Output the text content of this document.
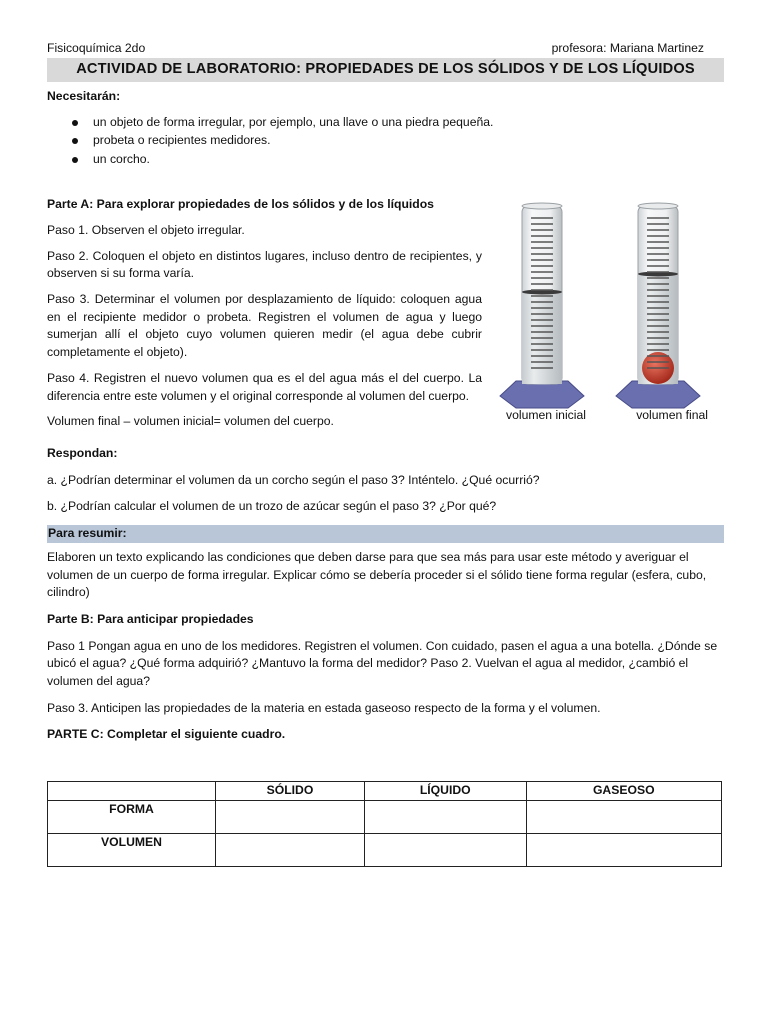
Fisicoquímica 2do	profesora: Mariana Martinez
ACTIVIDAD DE LABORATORIO: PROPIEDADES DE LOS SÓLIDOS Y DE LOS LÍQUIDOS

Necesitarán:

un objeto de forma irregular, por ejemplo, una llave o una piedra pequeña.
probeta o recipientes medidores.
un corcho.

Parte A: Para explorar propiedades de los sólidos y de los líquidos

Paso 1. Observen el objeto irregular.

Paso 2. Coloquen el objeto en distintos lugares, incluso dentro de recipientes, y observen si su forma varía.

Paso 3. Determinar el volumen por desplazamiento de líquido: coloquen agua en el recipiente medidor o probeta. Registren el volumen de agua y luego sumerjan allí el objeto cuyo volumen quieren medir (el agua debe cubrir completamente el objeto).

Paso 4. Registren el nuevo volumen qua es el del agua más el del cuerpo. La diferencia entre este volumen y el original corresponde al volumen del cuerpo.

Volumen final – volumen inicial= volumen del cuerpo.	volumen inicial	volumen final

Respondan:

a. ¿Podrían determinar el volumen da un corcho según el paso 3? Inténtelo. ¿Qué ocurrió?

b. ¿Podrían calcular el volumen de un trozo de azúcar según el paso 3? ¿Por qué?

Para resumir:

Elaboren un texto explicando las condiciones que deben darse para que sea más para usar este método y averiguar el volumen de un cuerpo de forma irregular. Explicar cómo se debería proceder si el sólido tiene forma regular (esfera, cubo, cilindro)

Parte B: Para anticipar propiedades

Paso 1 Pongan agua en uno de los medidores. Registren el volumen. Con cuidado, pasen el agua a una botella. ¿Dónde se ubicó el agua? ¿Qué forma adquirió? ¿Mantuvo la forma del medidor? Paso 2. Vuelvan el agua al medidor, ¿cambió el volumen del agua?

Paso 3. Anticipen las propiedades de la materia en estada gaseoso respecto de la forma y el volumen.

PARTE C: Completar el siguiente cuadro.

	SÓLIDO	LÍQUIDO	GASEOSO
FORMA			
VOLUMEN			
